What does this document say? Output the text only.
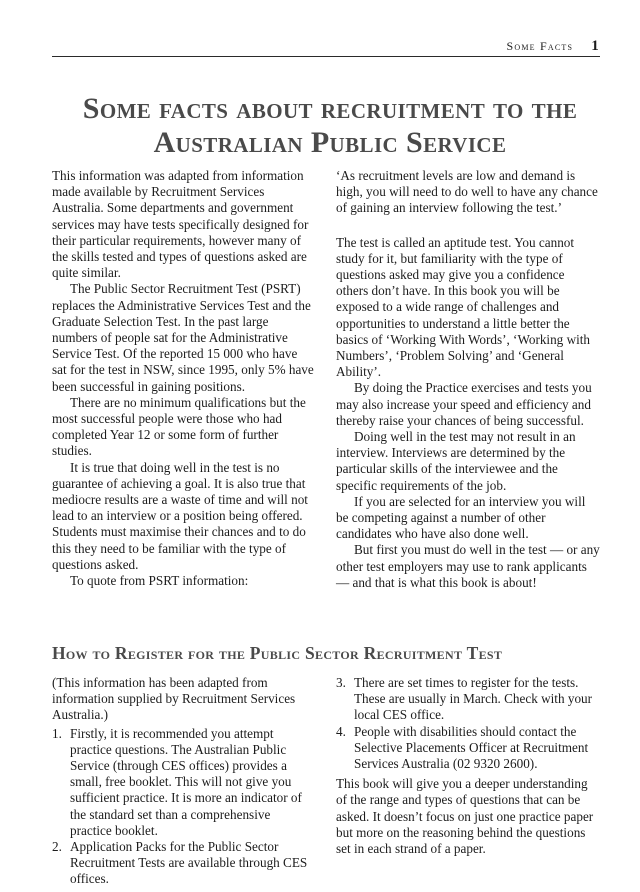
Some Facts 1
Some facts about recruitment to the Australian Public Service

This information was adapted from information made available by Recruitment Services Australia. Some departments and government services may have tests specifically designed for their particular requirements, however many of the skills tested and types of questions asked are quite similar.

The Public Sector Recruitment Test (PSRT) replaces the Administrative Services Test and the Graduate Selection Test. In the past large numbers of people sat for the Administrative Service Test. Of the reported 15 000 who have sat for the test in NSW, since 1995, only 5% have been successful in gaining positions.

There are no minimum qualifications but the most successful people were those who had completed Year 12 or some form of further studies.

It is true that doing well in the test is no guarantee of achieving a goal. It is also true that mediocre results are a waste of time and will not lead to an interview or a position being offered. Students must maximise their chances and to do this they need to be familiar with the type of questions asked.

To quote from PSRT information:

‘As recruitment levels are low and demand is high, you will need to do well to have any chance of gaining an interview following the test.’

The test is called an aptitude test. You cannot study for it, but familiarity with the type of questions asked may give you a confidence others don’t have. In this book you will be exposed to a wide range of challenges and opportunities to understand a little better the basics of ‘Working With Words’, ‘Working with Numbers’, ‘Problem Solving’ and ‘General Ability’.

By doing the Practice exercises and tests you may also increase your speed and efficiency and thereby raise your chances of being successful.

Doing well in the test may not result in an interview. Interviews are determined by the particular skills of the interviewee and the specific requirements of the job.

If you are selected for an interview you will be competing against a number of other candidates who have also done well.

But first you must do well in the test — or any other test employers may use to rank applicants — and that is what this book is about!

How to Register for the Public Sector Recruitment Test

(This information has been adapted from information supplied by Recruitment Services Australia.)

1. Firstly, it is recommended you attempt practice questions. The Australian Public Service (through CES offices) provides a small, free booklet. This will not give you sufficient practice. It is more an indicator of the standard set than a comprehensive practice booklet.
2. Application Packs for the Public Sector Recruitment Tests are available through CES offices.
3. There are set times to register for the tests. These are usually in March. Check with your local CES office.
4. People with disabilities should contact the Selective Placements Officer at Recruitment Services Australia (02 9320 2600).

This book will give you a deeper understanding of the range and types of questions that can be asked. It doesn’t focus on just one practice paper but more on the reasoning behind the questions set in each strand of a paper.
